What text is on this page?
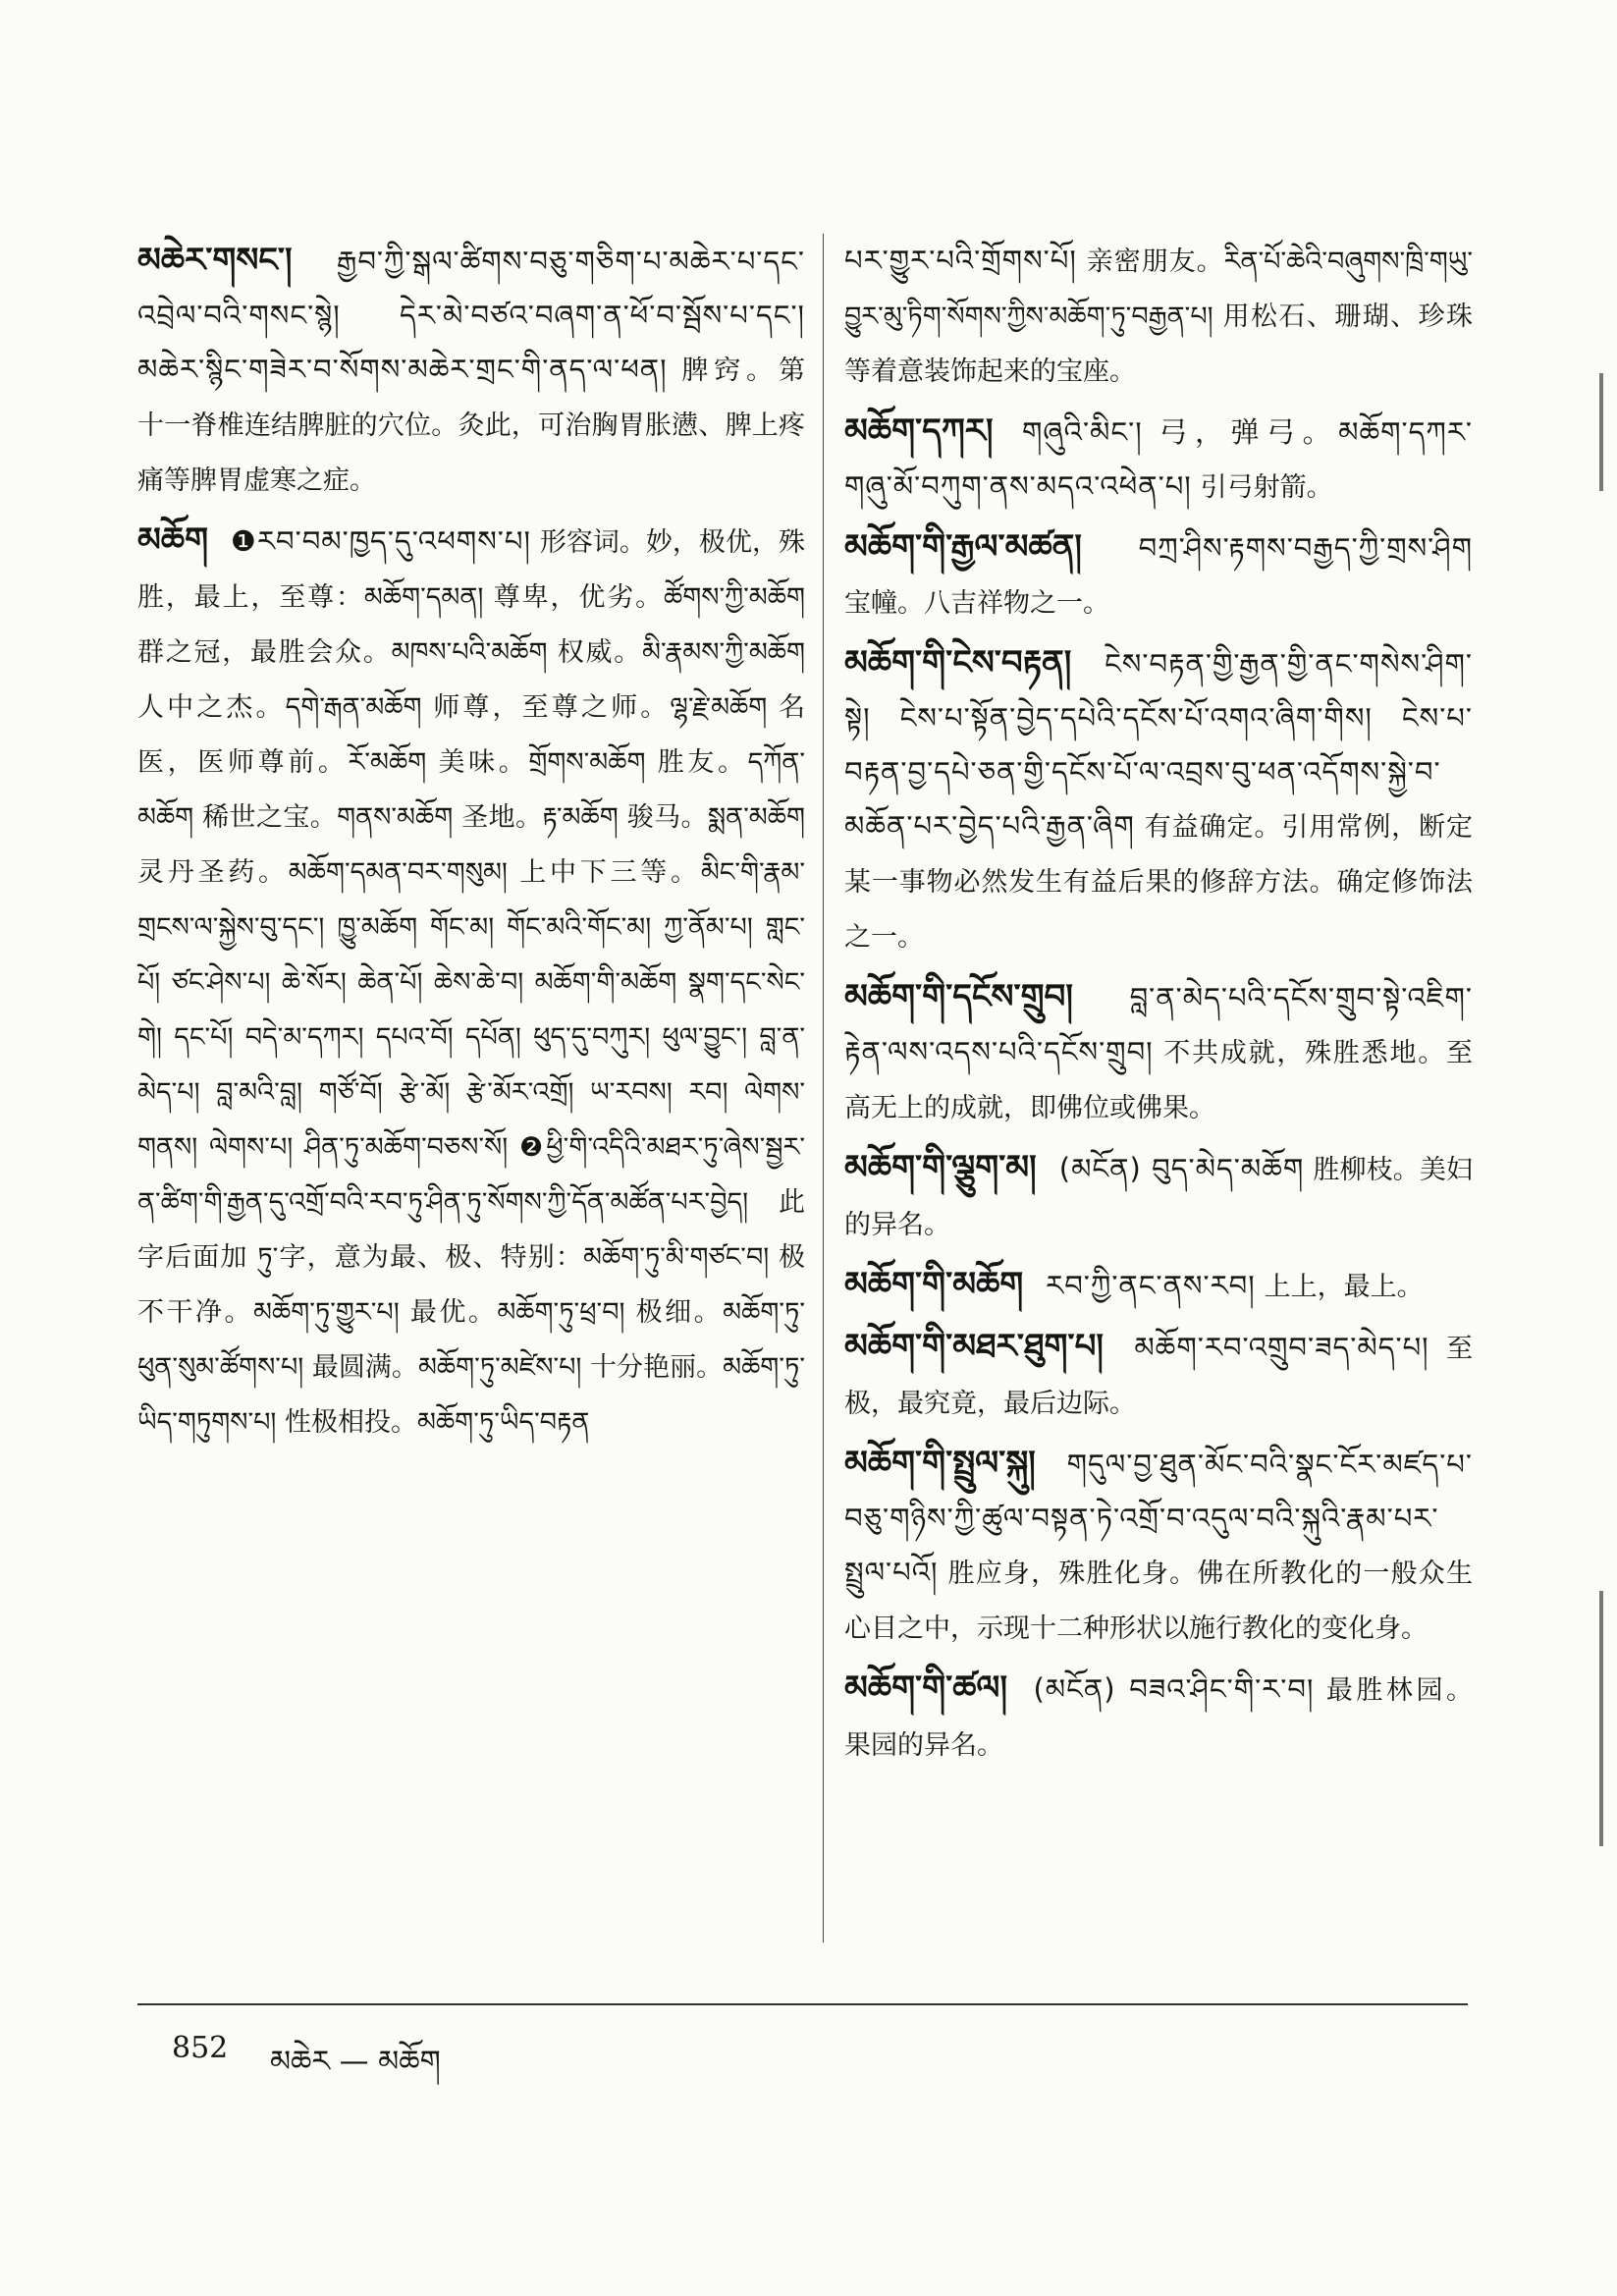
མཆེར་གསང་། རྒྱབ་ཀྱི་སྒལ་ཚིགས་བཅུ་གཅིག་པ་མཆེར་པ་དང་འབྲེལ་བའི་གསང་སྙེ། དེར་མེ་བཙའ་བཞག་ན་ཕོ་བ་སྦོས་པ་དང་། མཆེར་སྙིང་གཟེར་བ་སོགས་མཆེར་གྲང་གི་ནད་ལ་ཕན། 脾窍。第十一脊椎连结脾脏的穴位。灸此，可治胸胃胀懑、脾上疼痛等脾胃虚寒之症。
མཆོག ❶རབ་བམ་ཁྱད་དུ་འཕགས་པ། 形容词。妙，极优，殊胜，最上，至尊：མཆོག་དམན། 尊卑，优劣。ཚོགས་ཀྱི་མཆོག 群之冠，最胜会众。མཁས་པའི་མཆོག 权威。མི་རྣམས་ཀྱི་མཆོག 人中之杰。དགེ་རྒན་མཆོག 师尊，至尊之师。ལྷ་རྗེ་མཆོག 名医，医师尊前。རོ་མཆོག 美味。གྲོགས་མཆོག 胜友。དཀོན་མཆོག 稀世之宝。གནས་མཆོག 圣地。རྟ་མཆོག 骏马。སྨན་མཆོག 灵丹圣药。མཆོག་དམན་བར་གསུམ། 上中下三等。མིང་གི་རྣམ་གྲངས་ལ་སྐྱེས་བུ་དང་། ཁྱུ་མཆོག གོང་མ། གོང་མའི་གོང་མ། ཀྱ་ནོམ་པ། གླང་པོ། ཙང་ཤེས་པ། ཆེ་སོར། ཆེན་པོ། ཆེས་ཆེ་བ། མཆོག་གི་མཆོག སྣག་དང་སེང་གེ། དང་པོ། བདེ་མ་དཀར། དཔའ་བོ། དཔོན། ཕུད་དུ་བཀུར། ཕུལ་བྱུང་། བླ་ན་མེད་པ། བླ་མའི་བླ། གཙོ་བོ། རྩེ་མོ། རྩེ་མོར་འགྲོ། ཡ་རབས། རབ། ལེགས་གནས། ལེགས་པ། ཤིན་ཏུ་མཆོག་བཅས་སོ། ❷ཕྱི་གི་འདིའི་མཐར་ཏུ་ཞེས་སྦྱར་ན་ཚིག་གི་རྒྱན་དུ་འགྲོ་བའི་རབ་ཏུ་ཤིན་ཏུ་སོགས་ཀྱི་དོན་མཚོན་པར་བྱེད། 此字后面加 ཏུ་字，意为最、极、特别：མཆོག་ཏུ་མི་གཙང་བ། 极不干净。མཆོག་ཏུ་གྱུར་པ། 最优。མཆོག་ཏུ་ཕྲ་བ། 极细。མཆོག་ཏུ་ཕུན་སུམ་ཚོགས་པ། 最圆满。མཆོག་ཏུ་མཛེས་པ། 十分艳丽。མཆོག་ཏུ་ཡིད་གཏུགས་པ། 性极相投。མཆོག་ཏུ་ཡིད་བརྟན
པར་གྱུར་པའི་གྲོགས་པོ། 亲密朋友。རིན་པོ་ཆེའི་བཞུགས་ཁྲི་གཡུ་བྱུར་མུ་ཏིག་སོགས་ཀྱིས་མཆོག་ཏུ་བརྒྱན་པ། 用松石、珊瑚、珍珠等着意装饰起来的宝座。
མཆོག་དཀར། གཞུའི་མིང་། 弓，弹弓。མཆོག་དཀར་གཞུ་མོ་བཀུག་ནས་མདའ་འཕེན་པ། 引弓射箭。
མཆོག་གི་རྒྱལ་མཚན། བཀྲ་ཤིས་རྟགས་བརྒྱད་ཀྱི་གྲས་ཤིག 宝幢。八吉祥物之一。
མཆོག་གི་ངེས་བརྟན། ངེས་བརྟན་གྱི་རྒྱན་གྱི་ནང་གསེས་ཤིག་སྟེ། ངེས་པ་སྟོན་བྱེད་དཔེའི་དངོས་པོ་འགའ་ཞིག་གིས། ངེས་པ་བརྟན་བྱ་དཔེ་ཅན་གྱི་དངོས་པོ་ལ་འབྲས་བུ་ཕན་འདོགས་སྐྱེ་བ་མཆོན་པར་བྱེད་པའི་རྒྱན་ཞིག 有益确定。引用常例，断定某一事物必然发生有益后果的修辞方法。确定修饰法之一。
མཆོག་གི་དངོས་གྲུབ། བླ་ན་མེད་པའི་དངོས་གྲུབ་སྟེ་འཇིག་རྟེན་ལས་འདས་པའི་དངོས་གྲུབ། 不共成就，殊胜悉地。至高无上的成就，即佛位或佛果。
མཆོག་གི་ལྕུག་མ། (མངོན) བུད་མེད་མཆོག 胜柳枝。美妇的异名。
མཆོག་གི་མཆོག རབ་ཀྱི་ནང་ནས་རབ། 上上，最上。
མཆོག་གི་མཐར་ཐུག་པ། མཆོག་རབ་འགྲུབ་ཟད་མེད་པ། 至极，最究竟，最后边际。
མཆོག་གི་སྤྲུལ་སྐུ། གདུལ་བྱ་ཐུན་མོང་བའི་སྣང་ངོར་མཛད་པ་བཅུ་གཉིས་ཀྱི་ཚུལ་བསྟན་ཏེ་འགྲོ་བ་འདུལ་བའི་སྐུའི་རྣམ་པར་སྤྲུལ་པའོ། 胜应身，殊胜化身。佛在所教化的一般众生心目之中，示现十二种形状以施行教化的变化身。
མཆོག་གི་ཚལ། (མངོན) བཟའ་ཤིང་གི་ར་བ། 最胜林园。果园的异名。
852 མཆེར — མཆོག
